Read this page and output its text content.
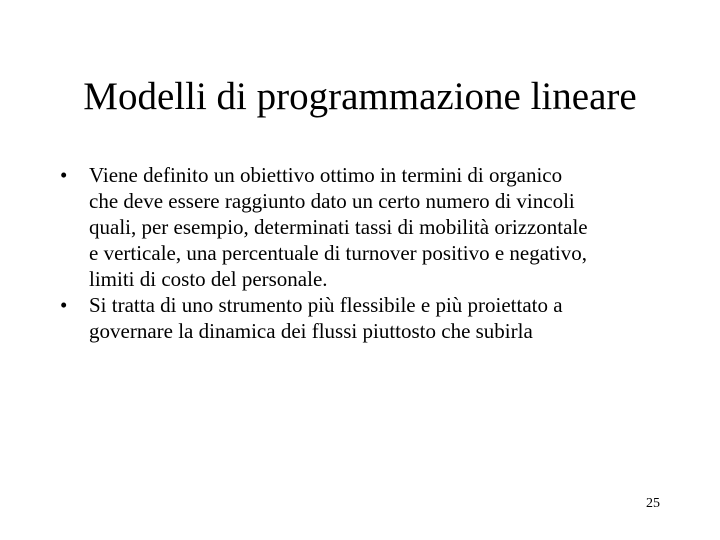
Modelli di programmazione lineare
•	Viene definito un obiettivo ottimo in termini di organico
che deve essere raggiunto dato un certo numero di vincoli
quali, per esempio, determinati tassi di mobilità orizzontale
e verticale, una percentuale di turnover positivo e negativo,
limiti di costo del personale.
•	Si tratta di uno strumento più flessibile e più proiettato a
governare la dinamica dei flussi piuttosto che subirla
25
